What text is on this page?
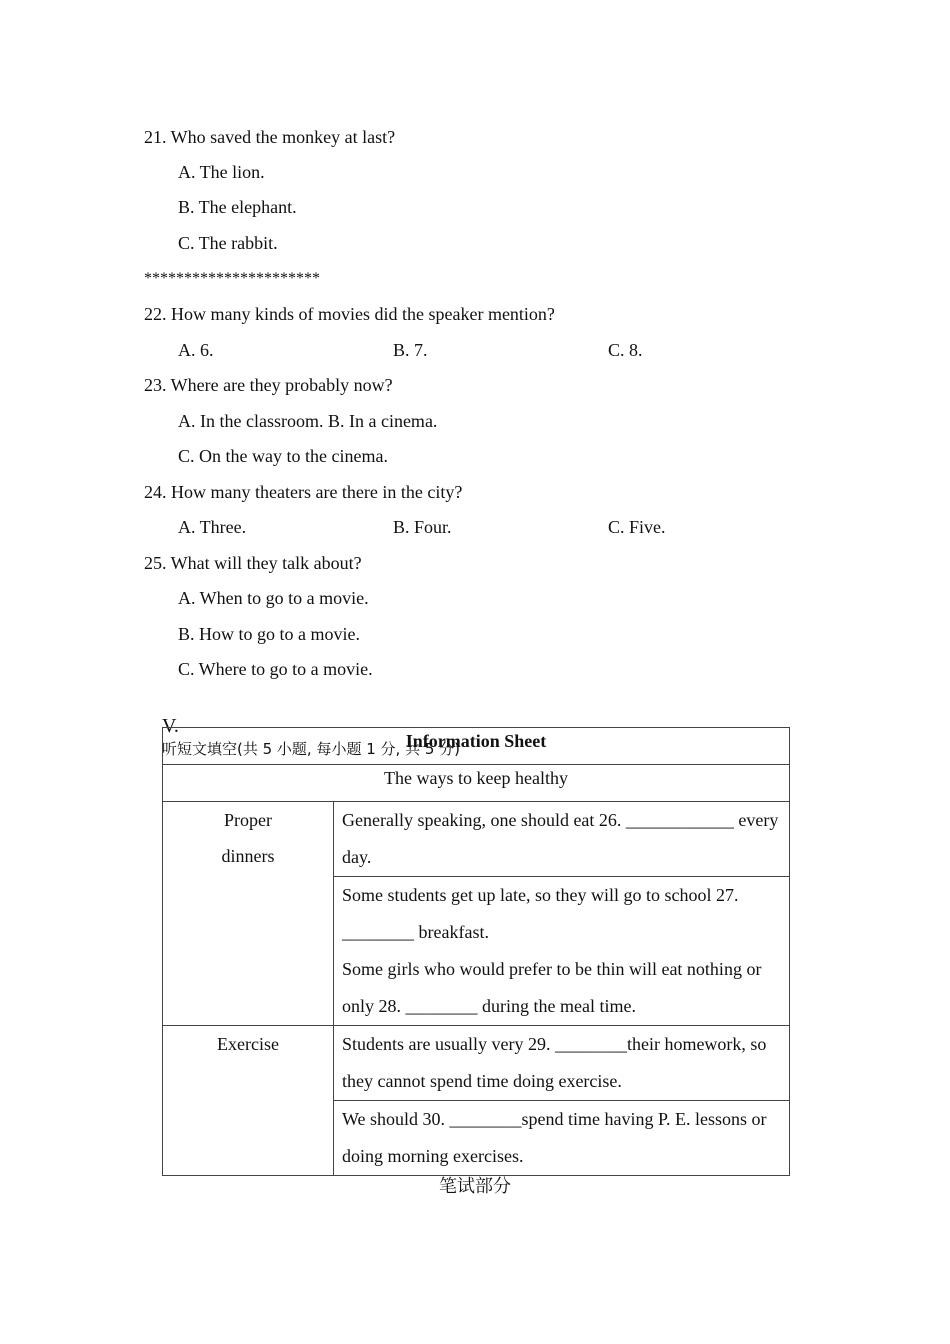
21. Who saved the monkey at last?
A. The lion.
B. The elephant.
C. The rabbit.
**********************
22. How many kinds of movies did the speaker mention?
A. 6.	B. 7.	C. 8.
23. Where are they probably now?
A. In the classroom. B. In a cinema.
C. On the way to the cinema.
24. How many theaters are there in the city?
A. Three.	B. Four.	C. Five.
25. What will they talk about?
A. When to go to a movie.
B. How to go to a movie.
C. Where to go to a movie.

V.
听短文填空(共 5 小题, 每小题 1 分, 共 5 分)

Information Sheet	
The ways to keep healthy	

Proper
dinners	Generally speaking, one should eat 26. ____________ every day.

	Some students get up late, so they will go to school 27. ________ breakfast.
Some girls who would prefer to be thin will eat nothing or only 28. ________ during the meal time.

Exercise	Students are usually very 29. ________their homework, so they cannot spend time doing exercise.
	We should 30. ________spend time having P. E. lessons or doing morning exercises.
笔试部分
